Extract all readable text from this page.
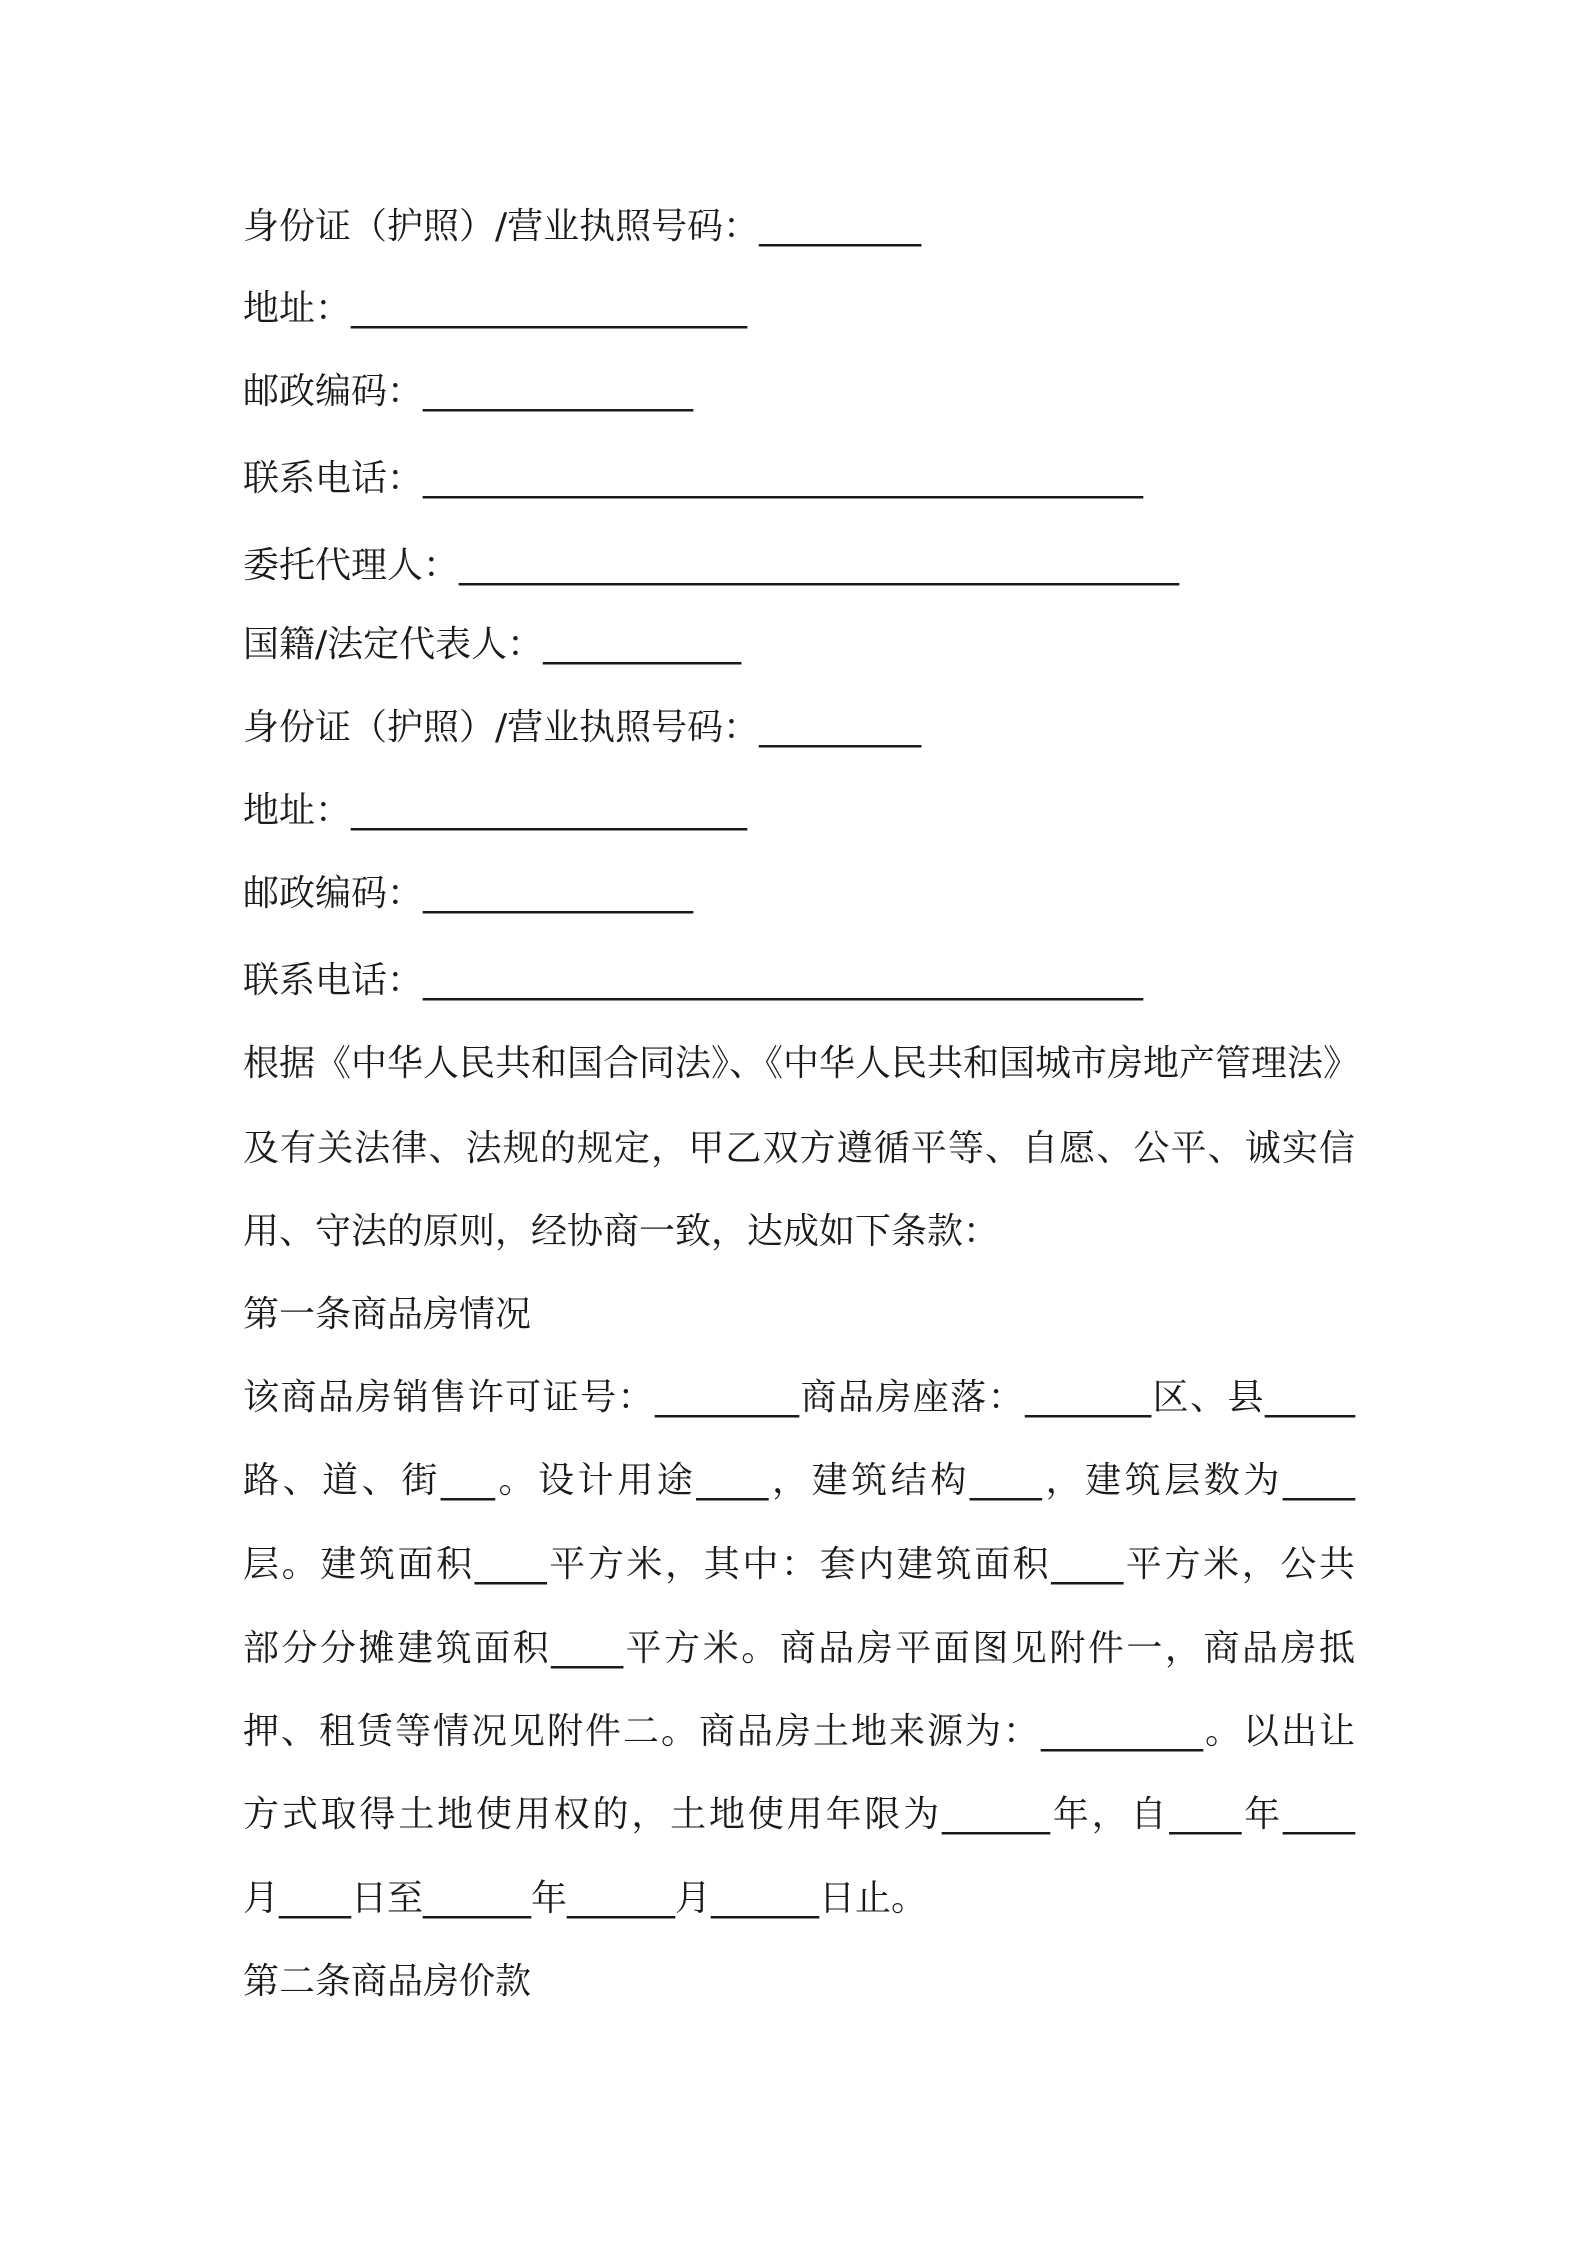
身份证（护照）/营业执照号码：_________
地址：______________________
邮政编码：_______________
联系电话：________________________________________
委托代理人：________________________________________
国籍/法定代表人：___________
身份证（护照）/营业执照号码：_________
地址：______________________
邮政编码：_______________
联系电话：________________________________________
根据《中华人民共和国合同法》、《中华人民共和国城市房地产管理法》
及有关法律、法规的规定，甲乙双方遵循平等、自愿、公平、诚实信
用、守法的原则，经协商一致，达成如下条款：
第一条商品房情况
该商品房销售许可证号：________商品房座落：_______区、县_____
路、道、街___。设计用途____，建筑结构____，建筑层数为____
层。建筑面积____平方米，其中：套内建筑面积____平方米，公共
部分分摊建筑面积____平方米。商品房平面图见附件一，商品房抵
押、租赁等情况见附件二。商品房土地来源为：_________。以出让
方式取得土地使用权的，土地使用年限为______年，自____年____
月____日至______年______月______日止。
第二条商品房价款
